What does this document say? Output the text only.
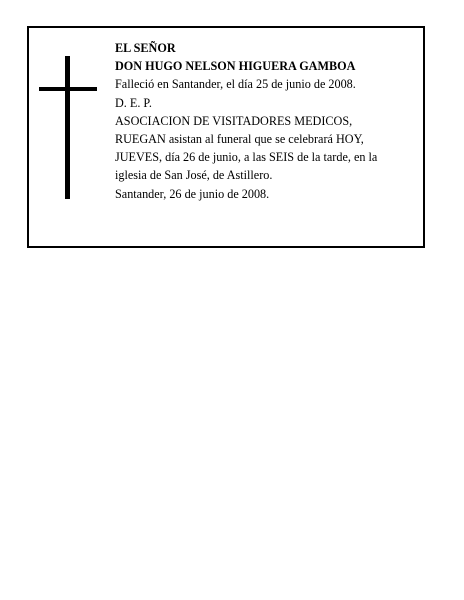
EL SEÑOR
DON HUGO NELSON HIGUERA GAMBOA
Falleció en Santander, el día 25 de junio de 2008.
D. E. P.
ASOCIACION DE VISITADORES MEDICOS,
RUEGAN asistan al funeral que se celebrará HOY,
JUEVES, día 26 de junio, a las SEIS de la tarde, en la
iglesia de San José, de Astillero.
Santander, 26 de junio de 2008.
